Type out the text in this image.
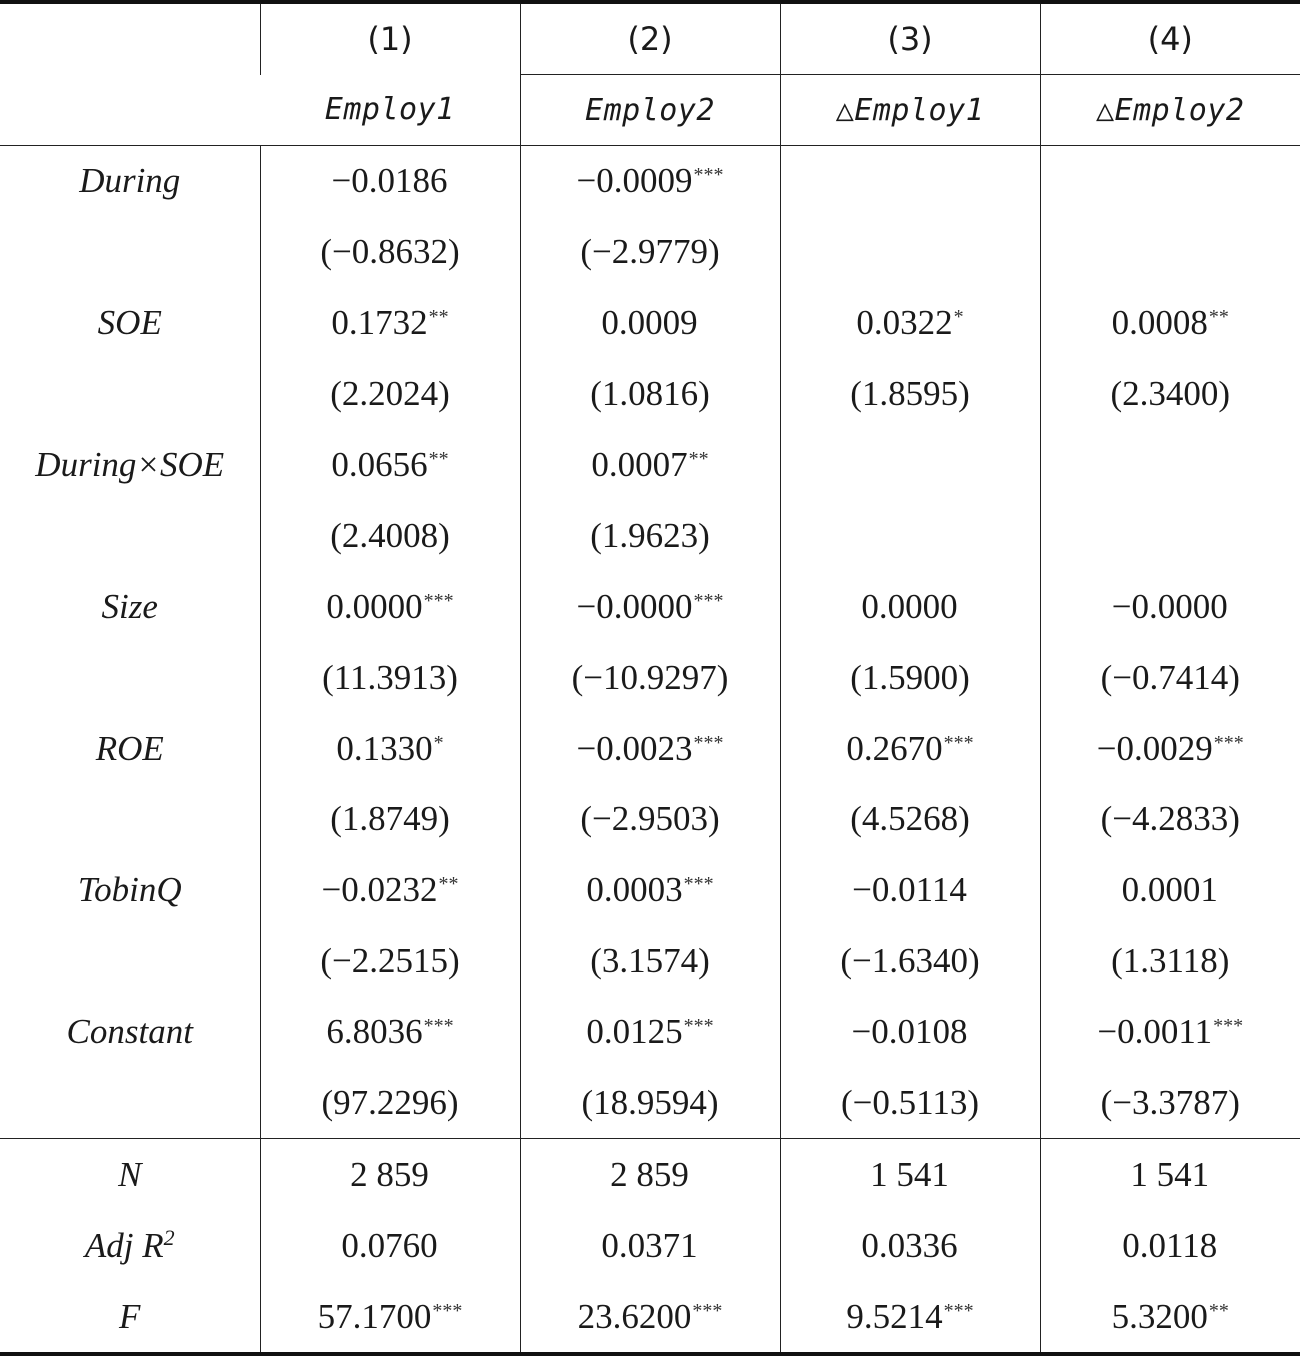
	(1)	(2)	(3)	(4)
	Employ1	Employ2	△Employ1	△Employ2
During	−0.0186	−0.0009***		
	(−0.8632)	(−2.9779)		
SOE	0.1732**	0.0009	0.0322*	0.0008**
	(2.2024)	(1.0816)	(1.8595)	(2.3400)
During×SOE	0.0656**	0.0007**		
	(2.4008)	(1.9623)		
Size	0.0000***	−0.0000***	0.0000	−0.0000
	(11.3913)	(−10.9297)	(1.5900)	(−0.7414)
ROE	0.1330*	−0.0023***	0.2670***	−0.0029***
	(1.8749)	(−2.9503)	(4.5268)	(−4.2833)
TobinQ	−0.0232**	0.0003***	−0.0114	0.0001
	(−2.2515)	(3.1574)	(−1.6340)	(1.3118)
Constant	6.8036***	0.0125***	−0.0108	−0.0011***
	(97.2296)	(18.9594)	(−0.5113)	(−3.3787)
N	2 859	2 859	1 541	1 541
Adj $R^2$	0.0760	0.0371	0.0336	0.0118
F	57.1700***	23.6200***	9.5214***	5.3200**
